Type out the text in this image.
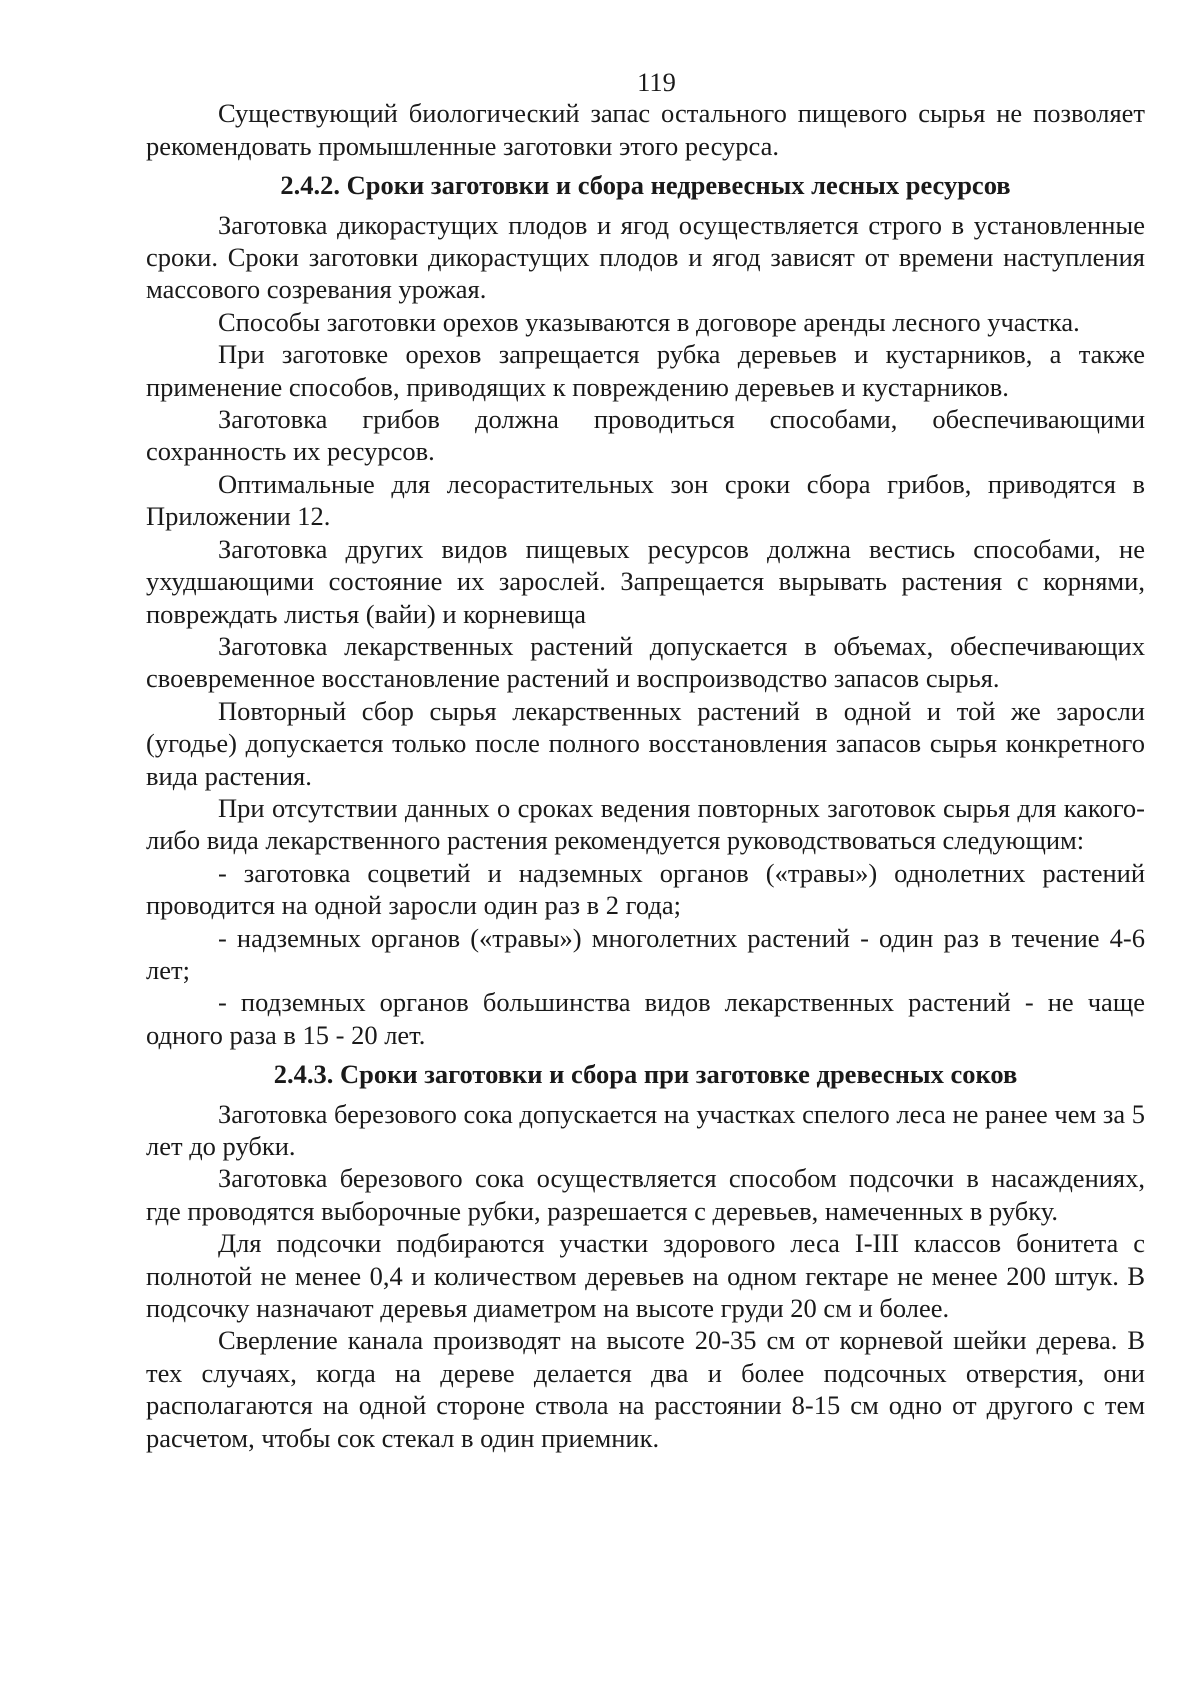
119

Существующий биологический запас остального пищевого сырья не позволяет рекомендовать промышленные заготовки этого ресурса.

2.4.2. Сроки заготовки и сбора недревесных лесных ресурсов

Заготовка дикорастущих плодов и ягод осуществляется строго в установленные сроки. Сроки заготовки дикорастущих плодов и ягод зависят от времени наступления массового созревания урожая.

Способы заготовки орехов указываются в договоре аренды лесного участка.

При заготовке орехов запрещается рубка деревьев и кустарников, а также применение способов, приводящих к повреждению деревьев и кустарников.

Заготовка грибов должна проводиться способами, обеспечивающими сохранность их ресурсов.

Оптимальные для лесорастительных зон сроки сбора грибов, приводятся в Приложении 12.

Заготовка других видов пищевых ресурсов должна вестись способами, не ухудшающими состояние их зарослей. Запрещается вырывать растения с корнями, повреждать листья (вайи) и корневища

Заготовка лекарственных растений допускается в объемах, обеспечивающих своевременное восстановление растений и воспроизводство запасов сырья.

Повторный сбор сырья лекарственных растений в одной и той же заросли (угодье) допускается только после полного восстановления запасов сырья конкретного вида растения.

При отсутствии данных о сроках ведения повторных заготовок сырья для какого-либо вида лекарственного растения рекомендуется руководствоваться следующим:

- заготовка соцветий и надземных органов («травы») однолетних растений проводится на одной заросли один раз в 2 года;

- надземных органов («травы») многолетних растений - один раз в течение 4-6 лет;

- подземных органов большинства видов лекарственных растений - не чаще одного раза в 15 - 20 лет.

2.4.3. Сроки заготовки и сбора при заготовке древесных соков

Заготовка березового сока допускается на участках спелого леса не ранее чем за 5 лет до рубки.

Заготовка березового сока осуществляется способом подсочки в насаждениях, где проводятся выборочные рубки, разрешается с деревьев, намеченных в рубку.

Для подсочки подбираются участки здорового леса I-III классов бонитета с полнотой не менее 0,4 и количеством деревьев на одном гектаре не менее 200 штук. В подсочку назначают деревья диаметром на высоте груди 20 см и более.

Сверление канала производят на высоте 20-35 см от корневой шейки дерева. В тех случаях, когда на дереве делается два и более подсочных отверстия, они располагаются на одной стороне ствола на расстоянии 8-15 см одно от другого с тем расчетом, чтобы сок стекал в один приемник.
